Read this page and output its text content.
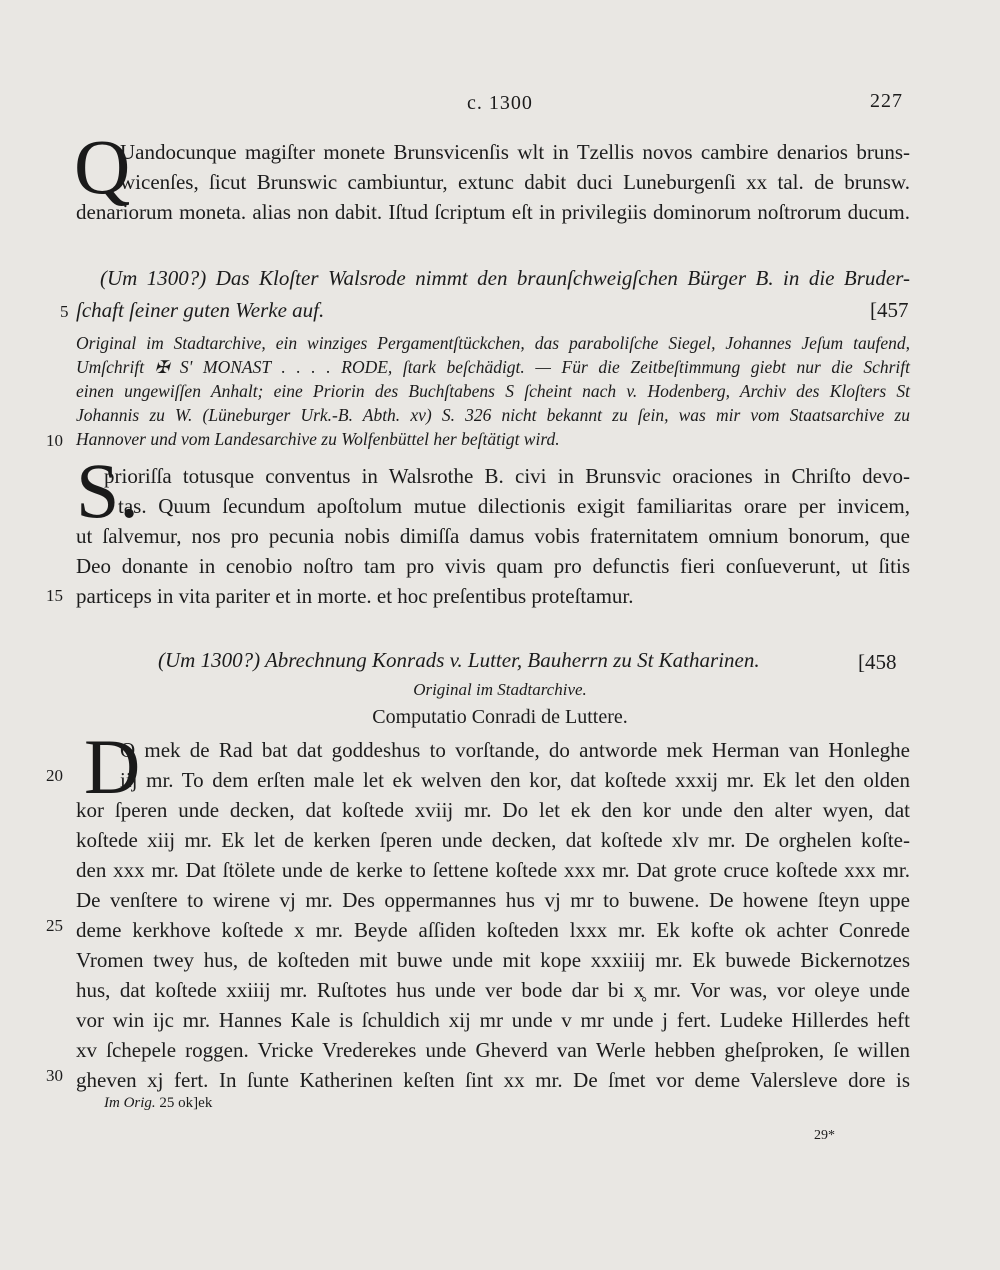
c. 1300	227
Q
Uandocunque magiſter monete Brunsvicenſis wlt in Tzellis novos cambire denarios bruns-
wicenſes, ſicut Brunswic cambiuntur, extunc dabit duci Luneburgenſi xx tal. de brunsw.
denariorum moneta. alias non dabit. Iſtud ſcriptum eſt in privilegiis dominorum noſtrorum ducum.
(Um 1300?) Das Kloſter Walsrode nimmt den braunſchweigſchen Bürger B. in die Bruder-
5 ſchaft ſeiner guten Werke auf.	[457
Original im Stadtarchive, ein winziges Pergamentſtückchen, das paraboliſche Siegel, Johannes Jeſum taufend,
Umſchrift ✠ S' MONAST . . . . RODE, ſtark beſchädigt. — Für die Zeitbeſtimmung giebt nur die Schrift
einen ungewiſſen Anhalt; eine Priorin des Buchſtabens S ſcheint nach v. Hodenberg, Archiv des Kloſters St
Johannis zu W. (Lüneburger Urk.-B. Abth. xv) S. 326 nicht bekannt zu ſein, was mir vom Staatsarchive zu
Hannover und vom Landesarchive zu Wolfenbüttel her beſtätigt wird.
10
S.
prioriſſa totusque conventus in Walsrothe B. civi in Brunsvic oraciones in Chriſto devo-
tas. Quum ſecundum apoſtolum mutue dilectionis exigit familiaritas orare per invicem,
ut ſalvemur, nos pro pecunia nobis dimiſſa damus vobis fraternitatem omnium bonorum, que
Deo donante in cenobio noſtro tam pro vivis quam pro defunctis fieri conſueverunt, ut ſitis
particeps in vita pariter et in morte. et hoc preſentibus proteſtamur.
15
(Um 1300?) Abrechnung Konrads v. Lutter, Bauherrn zu St Katharinen.	[458
Original im Stadtarchive.
Computatio Conradi de Luttere.
D
O mek de Rad bat dat goddeshus to vorſtande, do antworde mek Herman van Honleghe
iij mr. To dem erſten male let ek welven den kor, dat koſtede xxxij mr. Ek let den olden
kor ſperen unde decken, dat koſtede xviij mr. Do let ek den kor unde den alter wyen, dat
koſtede xiij mr. Ek let de kerken ſperen unde decken, dat koſtede xlv mr. De orghelen koſte-
den xxx mr. Dat ſtölete unde de kerke to ſettene koſtede xxx mr. Dat grote cruce koſtede xxx mr.
De venſtere to wirene vj mr. Des oppermannes hus vj mr to buwene. De howene ſteyn uppe
deme kerkhove koſtede x mr. Beyde aſſiden koſteden lxxx mr. Ek kofte ok achter Conrede
Vromen twey hus, de koſteden mit buwe unde mit kope xxxiiij mr. Ek buwede Bickernotzes
hus, dat koſtede xxiiij mr. Ruſtotes hus unde ver bode dar bi x̥ mr. Vor was, vor oleye unde
vor win ijc mr. Hannes Kale is ſchuldich xij mr unde v mr unde j fert. Ludeke Hillerdes heft
xv ſchepele roggen. Vricke Vrederekes unde Gheverd van Werle hebben gheſproken, ſe willen
gheven xj fert. In ſunte Katherinen keſten ſint xx mr. De ſmet vor deme Valersleve dore is
20
25
30
Im Orig. 25 ok]ek
29*
